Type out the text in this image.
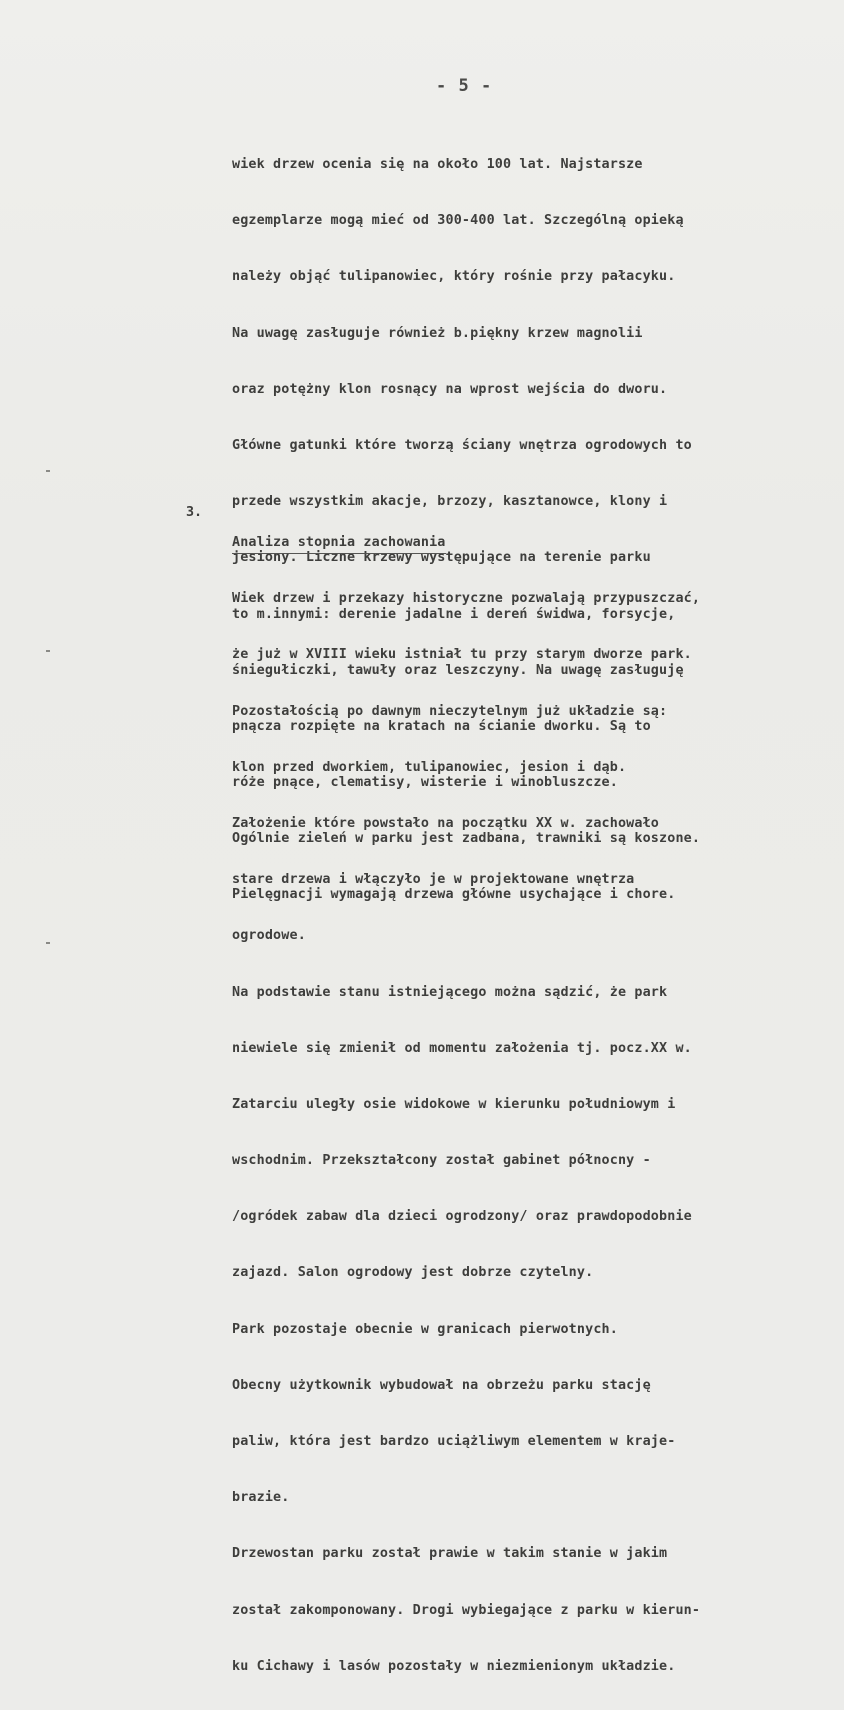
- 5 -

wiek drzew ocenia się na około 100 lat. Najstarsze

egzemplarze mogą mieć od 300-400 lat. Szczególną opieką

należy objąć tulipanowiec, który rośnie przy pałacyku.

Na uwagę zasługuje również b.piękny krzew magnolii

oraz potężny klon rosnący na wprost wejścia do dworu.

Główne gatunki które tworzą ściany wnętrza ogrodowych to

przede wszystkim akacje, brzozy, kasztanowce, klony i

jesiony. Liczne krzewy występujące na terenie parku

to m.innymi: derenie jadalne i dereń świdwa, forsycje,

śniegułiczki, tawuły oraz leszczyny. Na uwagę zasługuję

pnącza rozpięte na kratach na ścianie dworku. Są to

róże pnące, clematisy, wisterie i winobluszcze.

Ogólnie zieleń w parku jest zadbana, trawniki są koszone.

Pielęgnacji wymagają drzewa główne usychające i chore.

3.

Analiza stopnia zachowania

Wiek drzew i przekazy historyczne pozwalają przypuszczać,

że już w XVIII wieku istniał tu przy starym dworze park.

Pozostałością po dawnym nieczytelnym już układzie są:

klon przed dworkiem, tulipanowiec, jesion i dąb.

Założenie które powstało na początku XX w. zachowało

stare drzewa i włączyło je w projektowane wnętrza

ogrodowe.

Na podstawie stanu istniejącego można sądzić, że park

niewiele się zmienił od momentu założenia tj. pocz.XX w.

Zatarciu uległy osie widokowe w kierunku południowym i

wschodnim. Przekształcony został gabinet północny -

/ogródek zabaw dla dzieci ogrodzony/ oraz prawdopodobnie

zajazd. Salon ogrodowy jest dobrze czytelny.

Park pozostaje obecnie w granicach pierwotnych.

Obecny użytkownik wybudował na obrzeżu parku stację

paliw, która jest bardzo uciążliwym elementem w kraje-

brazie.

Drzewostan parku został prawie w takim stanie w jakim

został zakomponowany. Drogi wybiegające z parku w kierun-

ku Cichawy i lasów pozostały w niezmienionym układzie.
